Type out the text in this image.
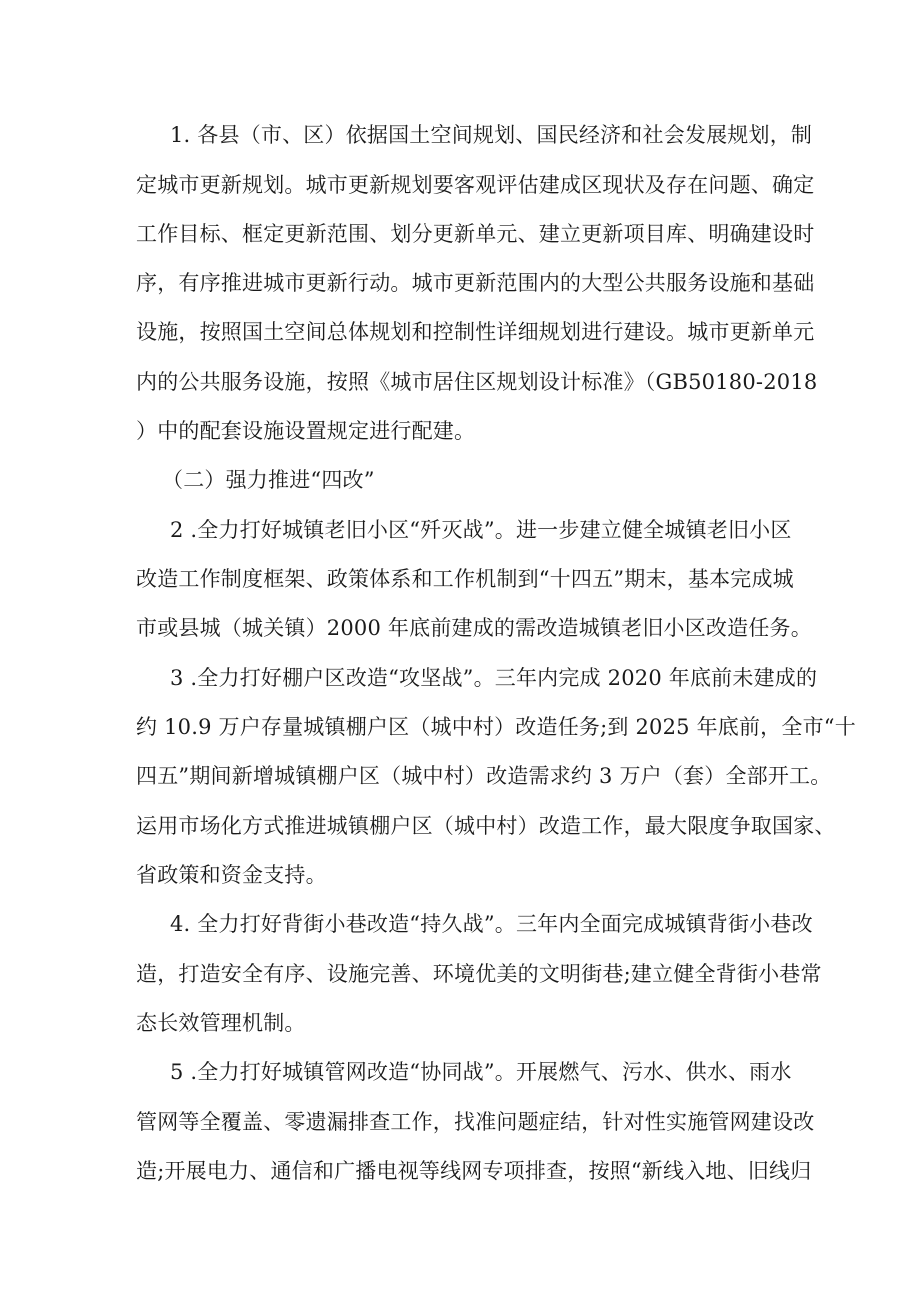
1. 各县（市、区）依据国土空间规划、国民经济和社会发展规划，制
定城市更新规划。城市更新规划要客观评估建成区现状及存在问题、确定
工作目标、框定更新范围、划分更新单元、建立更新项目库、明确建设时
序，有序推进城市更新行动。城市更新范围内的大型公共服务设施和基础
设施，按照国土空间总体规划和控制性详细规划进行建设。城市更新单元
内的公共服务设施，按照《城市居住区规划设计标准》（GB50180-2018
）中的配套设施设置规定进行配建。
（二）强力推进“四改”
2 .全力打好城镇老旧小区“歼灭战”。进一步建立健全城镇老旧小区
改造工作制度框架、政策体系和工作机制到“十四五”期末，基本完成城
市或县城（城关镇）2000 年底前建成的需改造城镇老旧小区改造任务。
3 .全力打好棚户区改造“攻坚战”。三年内完成 2020 年底前未建成的
约 10.9 万户存量城镇棚户区（城中村）改造任务;到 2025 年底前，全市“十
四五”期间新增城镇棚户区（城中村）改造需求约 3 万户（套）全部开工。
运用市场化方式推进城镇棚户区（城中村）改造工作，最大限度争取国家、
省政策和资金支持。
4. 全力打好背街小巷改造“持久战”。三年内全面完成城镇背街小巷改
造，打造安全有序、设施完善、环境优美的文明街巷;建立健全背街小巷常
态长效管理机制。
5 .全力打好城镇管网改造“协同战”。开展燃气、污水、供水、雨水
管网等全覆盖、零遗漏排查工作，找准问题症结，针对性实施管网建设改
造;开展电力、通信和广播电视等线网专项排查，按照“新线入地、旧线归
